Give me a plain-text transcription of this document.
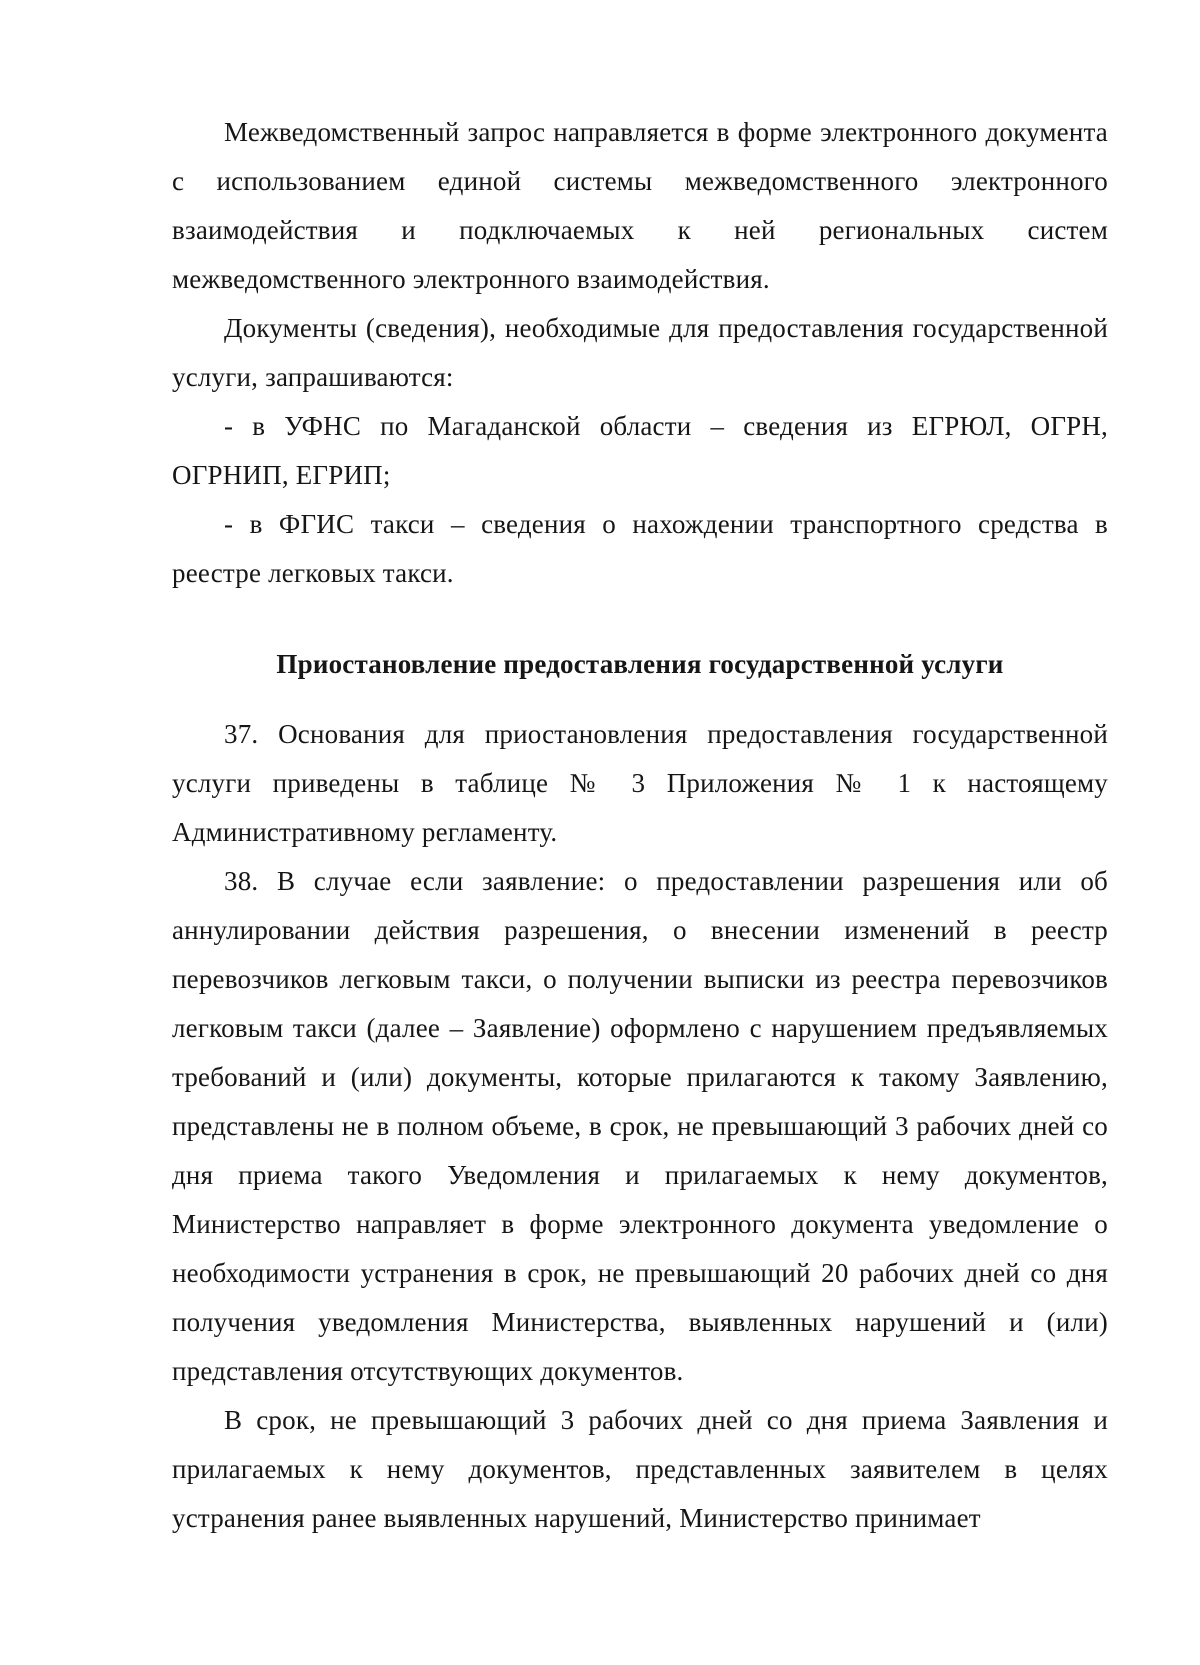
Межведомственный запрос направляется в форме электронного документа с использованием единой системы межведомственного электронного взаимодействия и подключаемых к ней региональных систем межведомственного электронного взаимодействия.

Документы (сведения), необходимые для предоставления государственной услуги, запрашиваются:

- в УФНС по Магаданской области – сведения из ЕГРЮЛ, ОГРН, ОГРНИП, ЕГРИП;

- в ФГИС такси – сведения о нахождении транспортного средства в реестре легковых такси.

Приостановление предоставления государственной услуги

37. Основания для приостановления предоставления государственной услуги приведены в таблице № 3 Приложения № 1 к настоящему Административному регламенту.

38. В случае если заявление: о предоставлении разрешения или об аннулировании действия разрешения, о внесении изменений в реестр перевозчиков легковым такси, о получении выписки из реестра перевозчиков легковым такси (далее – Заявление) оформлено с нарушением предъявляемых требований и (или) документы, которые прилагаются к такому Заявлению, представлены не в полном объеме, в срок, не превышающий 3 рабочих дней со дня приема такого Уведомления и прилагаемых к нему документов, Министерство направляет в форме электронного документа уведомление о необходимости устранения в срок, не превышающий 20 рабочих дней со дня получения уведомления Министерства, выявленных нарушений и (или) представления отсутствующих документов.

В срок, не превышающий 3 рабочих дней со дня приема Заявления и прилагаемых к нему документов, представленных заявителем в целях устранения ранее выявленных нарушений, Министерство принимает
